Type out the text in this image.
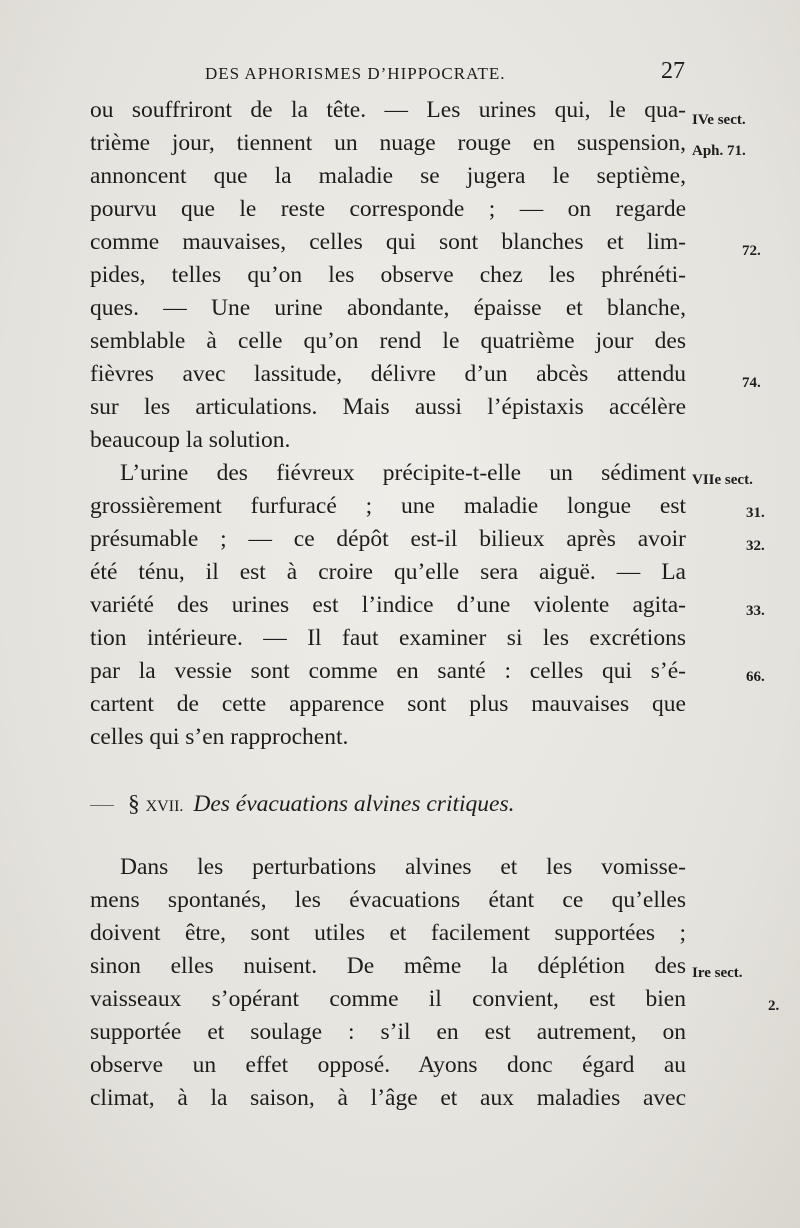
DES APHORISMES D’HIPPOCRATE.	27
ou souffriront de la tête. — Les urines qui, le qua-
trième jour, tiennent un nuage rouge en suspension,
annoncent que la maladie se jugera le septième,
pourvu que le reste corresponde ; — on regarde
comme mauvaises, celles qui sont blanches et lim-
pides, telles qu’on les observe chez les phrénéti-
ques. — Une urine abondante, épaisse et blanche,
semblable à celle qu’on rend le quatrième jour des
fièvres avec lassitude, délivre d’un abcès attendu
sur les articulations. Mais aussi l’épistaxis accélère
beaucoup la solution.
L’urine des fiévreux précipite-t-elle un sédiment
grossièrement furfuracé ; une maladie longue est
présumable ; — ce dépôt est-il bilieux après avoir
été ténu, il est à croire qu’elle sera aiguë. — La
variété des urines est l’indice d’une violente agita-
tion intérieure. — Il faut examiner si les excrétions
par la vessie sont comme en santé : celles qui s’é-
cartent de cette apparence sont plus mauvaises que
celles qui s’en rapprochent.
§ XVII. Des évacuations alvines critiques.
Dans les perturbations alvines et les vomisse-
mens spontanés, les évacuations étant ce qu’elles
doivent être, sont utiles et facilement supportées ;
sinon elles nuisent. De même la déplétion des
vaisseaux s’opérant comme il convient, est bien
supportée et soulage : s’il en est autrement, on
observe un effet opposé. Ayons donc égard au
climat, à la saison, à l’âge et aux maladies avec
IVe sect.
Aph. 71.
72.
74.
VIIe sect.
31.
32.
33.
66.
Ire sect.
2.
